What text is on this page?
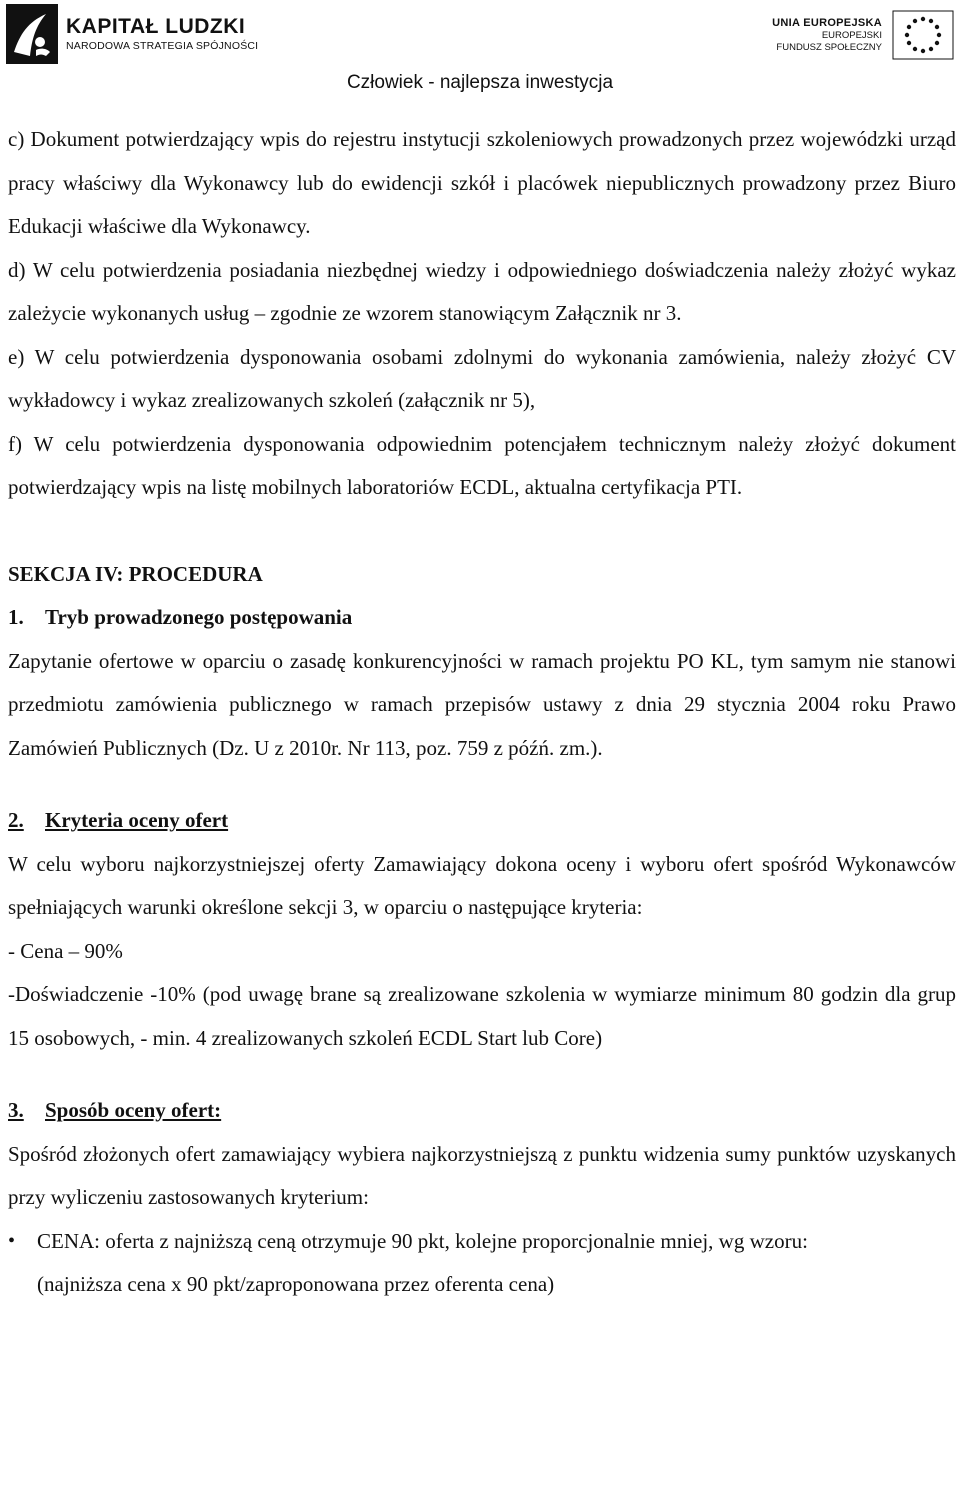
KAPITAŁ LUDZKI
NARODOWA STRATEGIA SPÓJNOŚCI
UNIA EUROPEJSKA
EUROPEJSKI
FUNDUSZ SPOŁECZNY
Człowiek - najlepsza inwestycja

c) Dokument potwierdzający wpis do rejestru instytucji szkoleniowych prowadzonych przez wojewódzki urząd pracy właściwy dla Wykonawcy lub do ewidencji szkół i placówek niepublicznych prowadzony przez Biuro Edukacji właściwe dla Wykonawcy.

d) W celu potwierdzenia posiadania niezbędnej wiedzy i odpowiedniego doświadczenia należy złożyć wykaz zależycie wykonanych usług – zgodnie ze wzorem stanowiącym Załącznik nr 3.

e) W celu potwierdzenia dysponowania osobami zdolnymi do wykonania zamówienia, należy złożyć CV wykładowcy i wykaz zrealizowanych szkoleń (załącznik nr 5),

f) W celu potwierdzenia dysponowania odpowiednim potencjałem technicznym należy złożyć dokument potwierdzający wpis na listę mobilnych laboratoriów ECDL, aktualna certyfikacja PTI.

SEKCJA IV: PROCEDURA

1. Tryb prowadzonego postępowania

Zapytanie ofertowe w oparciu o zasadę konkurencyjności w ramach projektu PO KL, tym samym nie stanowi przedmiotu zamówienia publicznego w ramach przepisów ustawy z dnia 29 stycznia 2004 roku Prawo Zamówień Publicznych (Dz. U z 2010r. Nr 113, poz. 759 z późń. zm.).

2. Kryteria oceny ofert

W celu wyboru najkorzystniejszej oferty Zamawiający dokona oceny i wyboru ofert spośród Wykonawców spełniających warunki określone sekcji 3, w oparciu o następujące kryteria:

- Cena – 90%

-Doświadczenie -10% (pod uwagę brane są zrealizowane szkolenia w wymiarze minimum 80 godzin dla grup 15 osobowych, - min. 4 zrealizowanych szkoleń ECDL Start lub Core)

3. Sposób oceny ofert:

Spośród złożonych ofert zamawiający wybiera najkorzystniejszą z punktu widzenia sumy punktów uzyskanych przy wyliczeniu zastosowanych kryterium:

•	CENA: oferta z najniższą ceną otrzymuje 90 pkt, kolejne proporcjonalnie mniej, wg wzoru:

(najniższa cena x 90 pkt/zaproponowana przez oferenta cena)
